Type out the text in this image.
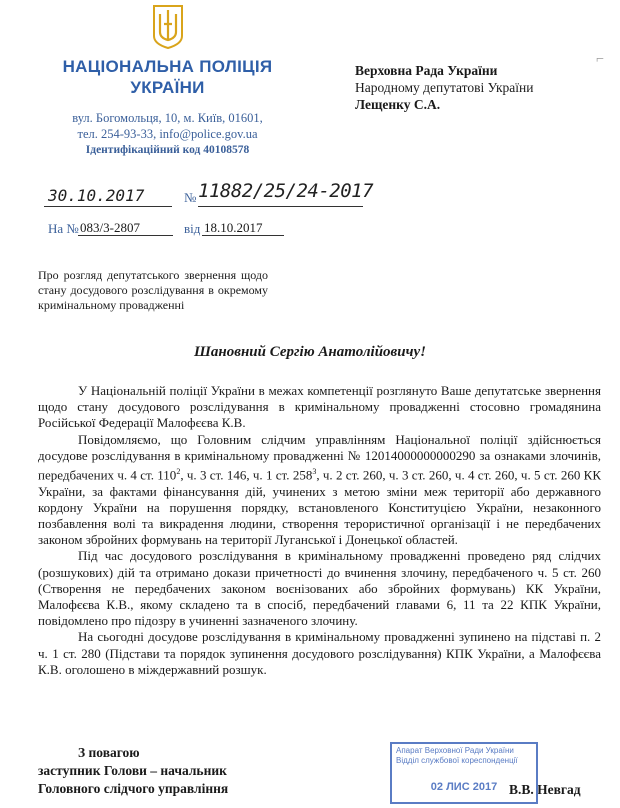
НАЦІОНАЛЬНА ПОЛІЦІЯ
УКРАЇНИ
вул. Богомольця, 10, м. Київ, 01601,
тел. 254-93-33, info@police.gov.ua
Ідентифікаційний код 40108578
⌐
Верховна Рада України
Народному депутатові України
Лещенку С.А.
30.10.2017	№ 11882/25/24-2017
На № 083/3-2807	від 18.10.2017
Про розгляд депутатського звернення щодо стану досудового розслідування в окремому кримінальному провадженні
Шановний Сергію Анатолійовичу!

У Національній поліції України в межах компетенції розглянуто Ваше депутатське звернення щодо стану досудового розслідування в кримінальному провадженні стосовно громадянина Російської Федерації Малофєєва К.В.

Повідомляємо, що Головним слідчим управлінням Національної поліції здійснюється досудове розслідування в кримінальному провадженні № 12014000000000290 за ознаками злочинів, передбачених ч. 4 ст. $110^2$, ч. 3 ст. 146, ч. 1 ст. $258^3$, ч. 2 ст. 260, ч. 3 ст. 260, ч. 4 ст. 260, ч. 5 ст. 260 КК України, за фактами фінансування дій, учинених з метою зміни меж території або державного кордону України на порушення порядку, встановленого Конституцією України, незаконного позбавлення волі та викрадення людини, створення терористичної організації і не передбачених законом збройних формувань на території Луганської і Донецької областей.

Під час досудового розслідування в кримінальному провадженні проведено ряд слідчих (розшукових) дій та отримано докази причетності до вчинення злочину, передбаченого ч. 5 ст. 260 (Створення не передбачених законом воєнізованих або збройних формувань) КК України, Малофєєва К.В., якому складено та в спосіб, передбачений главами 6, 11 та 22 КПК України, повідомлено про підозру в учиненні зазначеного злочину.

На сьогодні досудове розслідування в кримінальному провадженні зупинено на підставі п. 2 ч. 1 ст. 280 (Підстави та порядок зупинення досудового розслідування) КПК України, а Малофєєва К.В. оголошено в міждержавний розшук.

З повагою
заступник Голови – начальник
Головного слідчого управління	В.В. Невгад
Апарат Верховної Ради України
Відділ службової кореспонденції
02 ЛИС 2017
